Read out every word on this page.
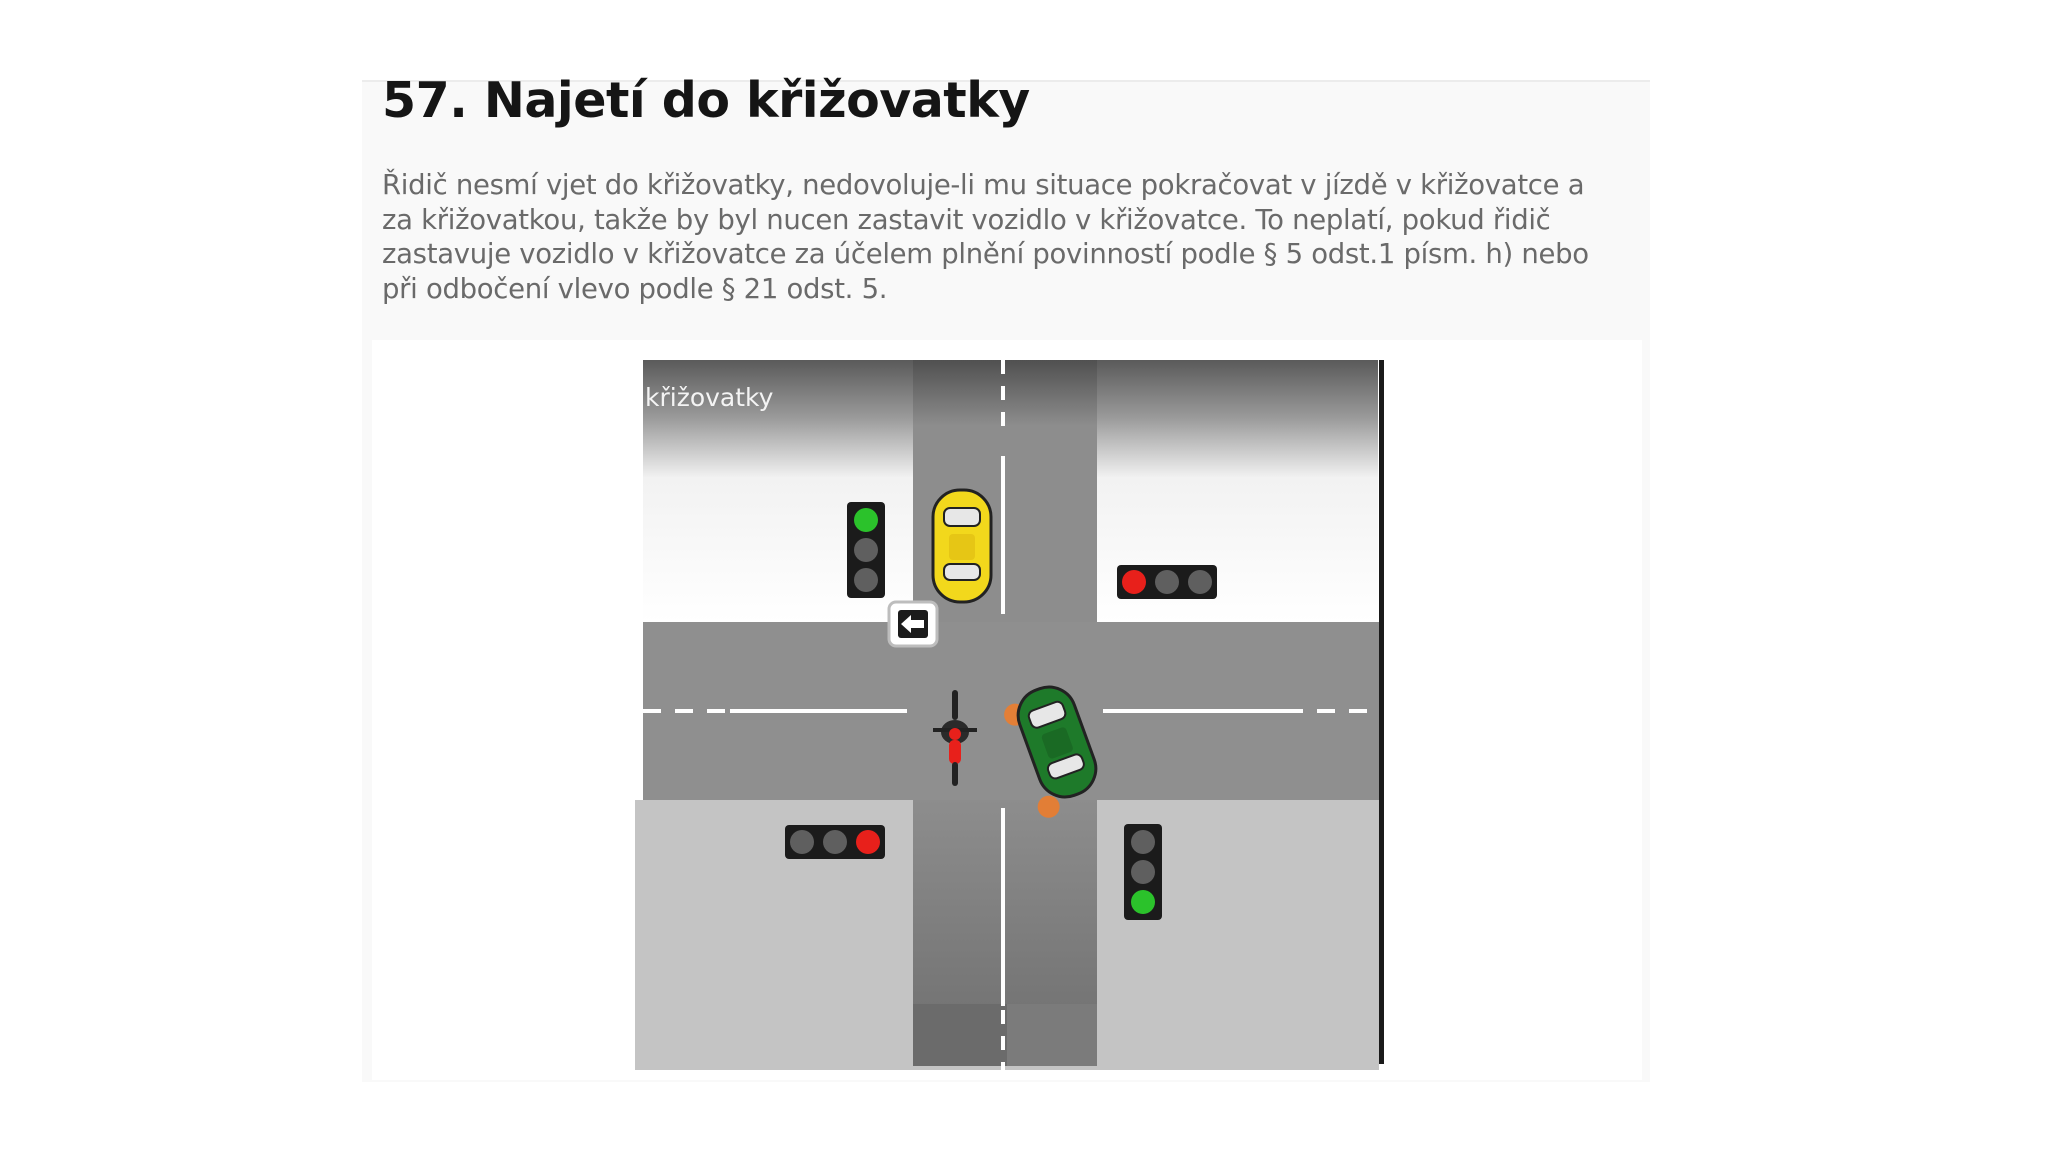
57. Najetí do křižovatky

Řidič nesmí vjet do křižovatky, nedovoluje-li mu situace pokračovat v jízdě v křižovatce a za křižovatkou, takže by byl nucen zastavit vozidlo v křižovatce. To neplatí, pokud řidič zastavuje vozidlo v křižovatce za účelem plnění povinností podle § 5 odst.1 písm. h) nebo při odbočení vlevo podle § 21 odst. 5.

křižovatky
